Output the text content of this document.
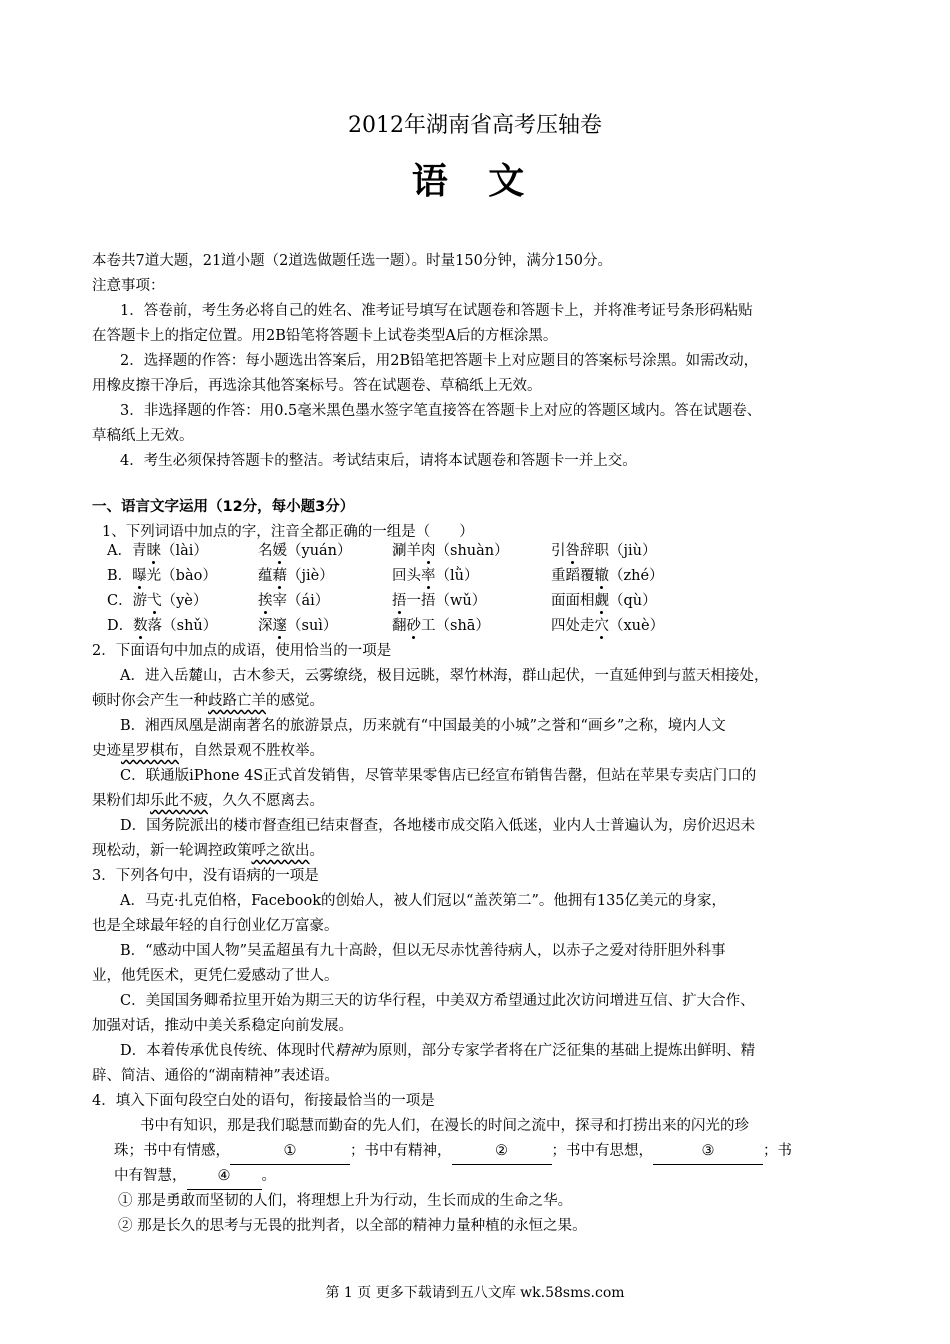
2012年湖南省高考压轴卷
语 文
本卷共7道大题，21道小题（2道选做题任选一题）。时量150分钟，满分150分。
注意事项：
1．答卷前，考生务必将自己的姓名、准考证号填写在试题卷和答题卡上，并将准考证号条形码粘贴
在答题卡上的指定位置。用2B铅笔将答题卡上试卷类型A后的方框涂黑。
2．选择题的作答：每小题选出答案后，用2B铅笔把答题卡上对应题目的答案标号涂黑。如需改动，
用橡皮擦干净后，再选涂其他答案标号。答在试题卷、草稿纸上无效。
3．非选择题的作答：用0.5毫米黑色墨水签字笔直接答在答题卡上对应的答题区域内。答在试题卷、
草稿纸上无效。
4．考生必须保持答题卡的整洁。考试结束后，请将本试题卷和答题卡一并上交。
一、语言文字运用（12分，每小题3分）
1、下列词语中加点的字，注音全都正确的一组是（　　）
A．青睐（lài）	名媛（yuán）	涮羊肉（shuàn）	引咎辞职（jiù）
B．曝光（bào）	蕴藉（jiè）	回头率（lǜ）	重蹈覆辙（zhé）
C．游弋（yè）	挨宰（ái）	捂一捂（wǔ）	面面相觑（qù）
D．数落（shǔ）	深邃（suì）	翻砂工（shā）	四处走穴（xuè）
2．下面语句中加点的成语，使用恰当的一项是
A．进入岳麓山，古木参天，云雾缭绕，极目远眺，翠竹林海，群山起伏，一直延伸到与蓝天相接处，
顿时你会产生一种歧路亡羊的感觉。
B．湘西凤凰是湖南著名的旅游景点，历来就有“中国最美的小城”之誉和“画乡”之称，境内人文
史迹星罗棋布，自然景观不胜枚举。
C．联通版iPhone 4S正式首发销售，尽管苹果零售店已经宣布销售告罄，但站在苹果专卖店门口的
果粉们却乐此不疲，久久不愿离去。
D．国务院派出的楼市督查组已结束督查，各地楼市成交陷入低迷，业内人士普遍认为，房价迟迟未
现松动，新一轮调控政策呼之欲出。
3．下列各句中，没有语病的一项是
A．马克·扎克伯格，Facebook的创始人，被人们冠以“盖茨第二”。他拥有135亿美元的身家，
也是全球最年轻的自行创业亿万富豪。
B．“感动中国人物”吴孟超虽有九十高龄，但以无尽赤忱善待病人，以赤子之爱对待肝胆外科事
业，他凭医术，更凭仁爱感动了世人。
C．美国国务卿希拉里开始为期三天的访华行程，中美双方希望通过此次访问增进互信、扩大合作、
加强对话，推动中美关系稳定向前发展。
D．本着传承优良传统、体现时代精神为原则，部分专家学者将在广泛征集的基础上提炼出鲜明、精
辟、简洁、通俗的“湖南精神”表述语。
4．填入下面句段空白处的语句，衔接最恰当的一项是
书中有知识，那是我们聪慧而勤奋的先人们，在漫长的时间之流中，探寻和打捞出来的闪光的珍
珠；书中有情感，	①	；书中有精神，	②	；书中有思想，	③	；书
中有智慧， ④ 。
① 那是勇敢而坚韧的人们，将理想上升为行动，生长而成的生命之华。
② 那是长久的思考与无畏的批判者，以全部的精神力量种植的永恒之果。
第 1 页 更多下载请到五八文库 wk.58sms.com
